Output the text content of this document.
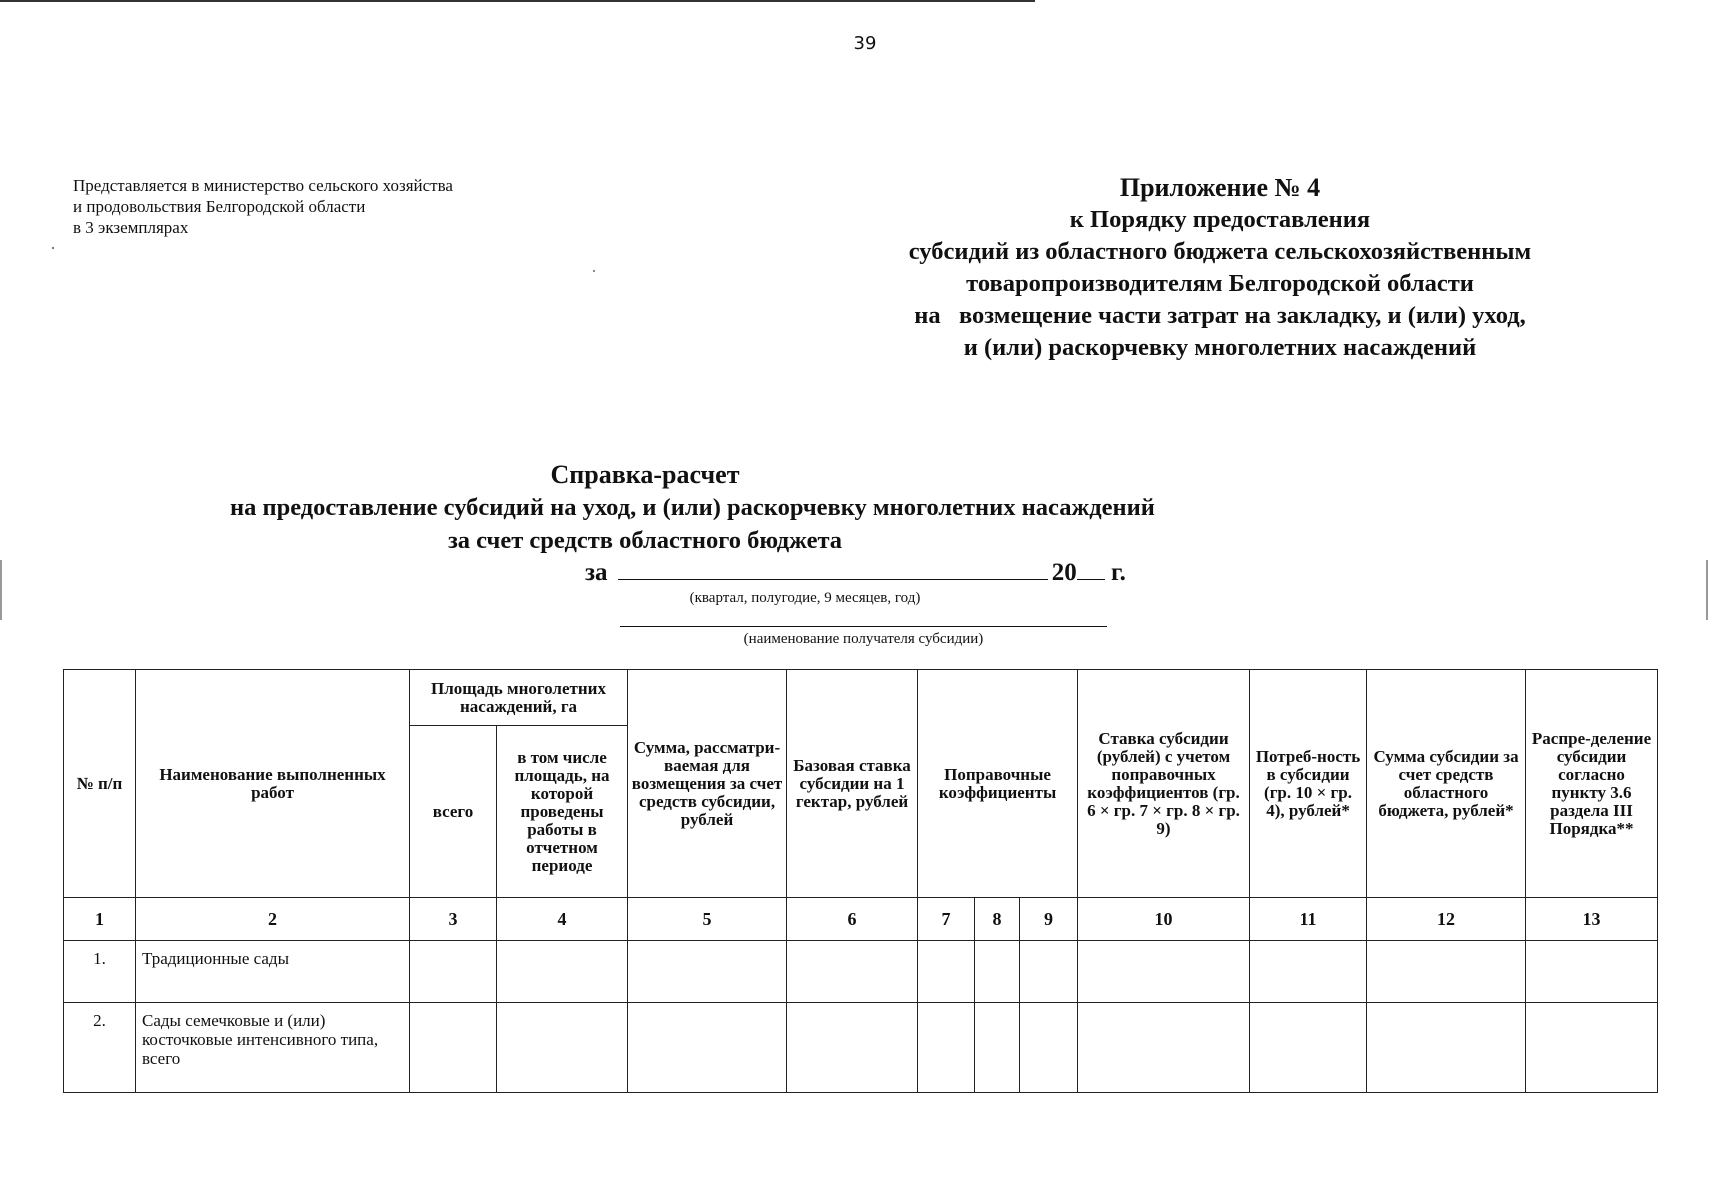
39
Представляется в министерство сельского хозяйства
и продовольствия Белгородской области
в 3 экземплярах
Приложение № 4
к Порядку предоставления
субсидий из областного бюджета сельскохозяйственным
товаропроизводителям Белгородской области
на   возмещение части затрат на закладку, и (или) уход,
и (или) раскорчевку многолетних насаждений
Справка-расчет
на предоставление субсидий на уход, и (или) раскорчевку многолетних насаждений
за счет средств областного бюджета
за	20 г.
(квартал, полугодие, 9 месяцев, год)
(наименование получателя субсидии)
№ п/п	Наименование выполненных работ	Площадь многолетних насаждений, га		Сумма, рассматри-ваемая для возмещения за счет средств субсидии, рублей	Базовая ставка субсидии на 1 гектар, рублей	Поправочные коэффициенты			Ставка субсидии (рублей) с учетом поправочных коэффициентов (гр. 6 × гр. 7 × гр. 8 × гр. 9)	Потреб-ность в субсидии (гр. 10 × гр. 4), рублей*	Сумма субсидии за счет средств областного бюджета, рублей*	Распре-деление субсидии согласно пункту 3.6 раздела III Порядка**
		всего	в том числе площадь, на которой проведены работы в отчетном периоде									
1	2	3	4	5	6	7	8	9	10	11	12	13
1.	Традиционные сады											
2.	Сады семечковые и (или) косточковые интенсивного типа, всего											
